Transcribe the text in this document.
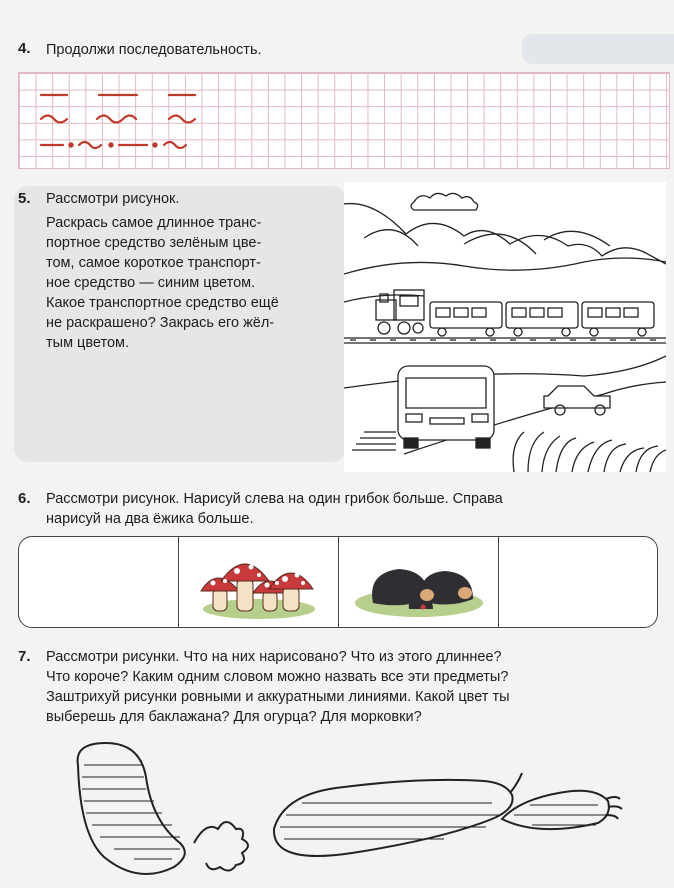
4. Продолжи последовательность.
5. Рассмотри рисунок.
Раскрась самое длинное транс-
портное средство зелёным цве-
том, самое короткое транспорт-
ное средство — синим цветом.
Какое транспортное средство ещё
не раскрашено? Закрась его жёл-
тым цветом.
6. Рассмотри рисунок. Нарисуй слева на один грибок больше. Справа
нарисуй на два ёжика больше.
7. Рассмотри рисунки. Что на них нарисовано? Что из этого длиннее?
Что короче? Каким одним словом можно назвать все эти предметы?
Заштрихуй рисунки ровными и аккуратными линиями. Какой цвет ты
выберешь для баклажана? Для огурца? Для морковки?
